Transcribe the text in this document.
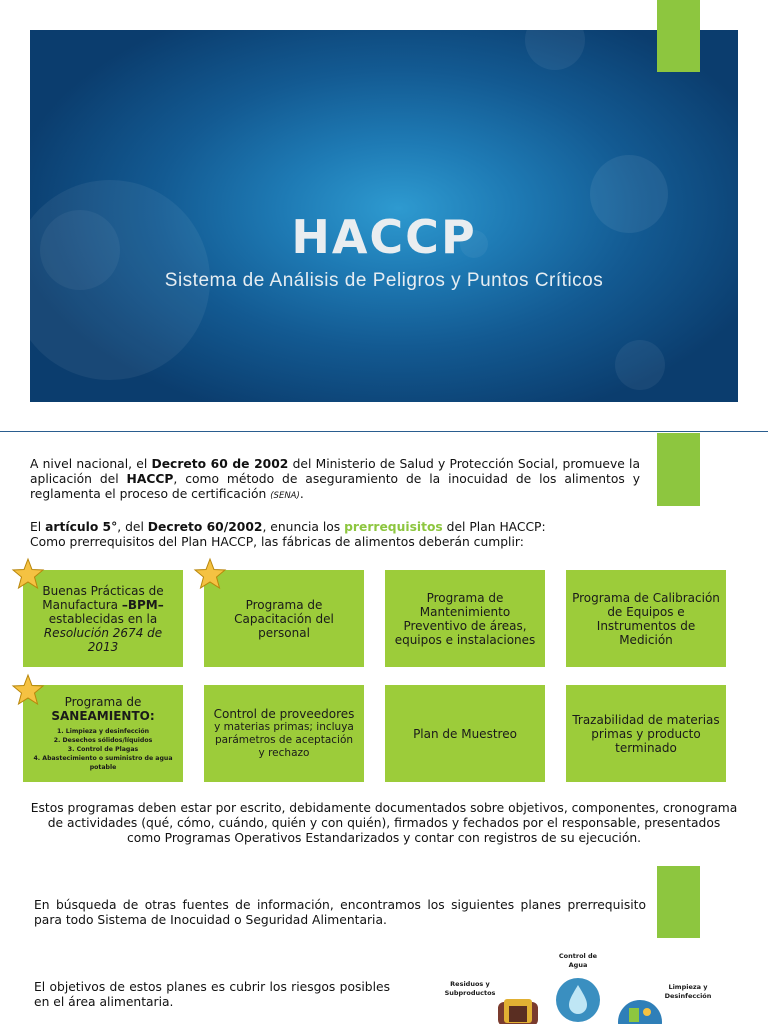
HACCP
Sistema de Análisis de Peligros y Puntos Críticos
A nivel nacional, el Decreto 60 de 2002 del Ministerio de Salud y Protección Social, promueve la aplicación del HACCP, como método de aseguramiento de la inocuidad de los alimentos y reglamenta el proceso de certificación (SENA).
El artículo 5°, del Decreto 60/2002, enuncia los prerrequisitos del Plan HACCP:
Como prerrequisitos del Plan HACCP, las fábricas de alimentos deberán cumplir:
Buenas Prácticas de
Manufactura –BPM–
establecidas en la
Resolución 2674 de 2013
Programa de Capacitación del personal
Programa de Mantenimiento Preventivo de áreas, equipos e instalaciones
Programa de Calibración de Equipos e Instrumentos de Medición
Programa de
SANEAMIENTO:
1. Limpieza y desinfección
2. Desechos sólidos/líquidos
3. Control de Plagas
4. Abastecimiento o suministro de agua potable
Control de proveedores
y materias primas; incluya
parámetros de aceptación
y rechazo
Plan de Muestreo
Trazabilidad de materias primas y producto terminado
Estos programas deben estar por escrito, debidamente documentados sobre objetivos, componentes, cronograma de actividades (qué, cómo, cuándo, quién y con quién), firmados y fechados por el responsable, presentados como Programas Operativos Estandarizados y contar con registros de su ejecución.
En búsqueda de otras fuentes de información, encontramos los siguientes planes prerrequisito para todo Sistema de Inocuidad o Seguridad Alimentaria.
El objetivos de estos planes es cubrir los riesgos posibles en el área alimentaria.
Control de Agua
Residuos y Subproductos
Limpieza y Desinfección
